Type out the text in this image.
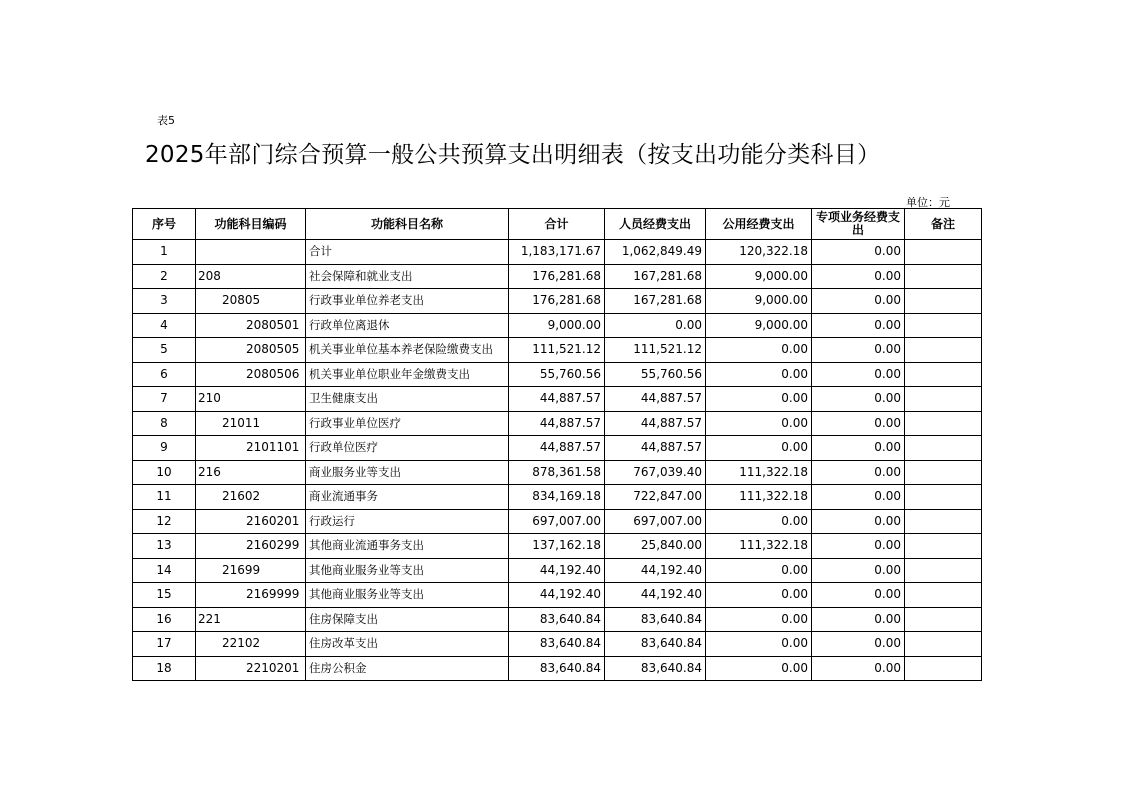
表5
2025年部门综合预算一般公共预算支出明细表（按支出功能分类科目）
单位：元
序号	功能科目编码	功能科目名称	合计	人员经费支出	公用经费支出	专项业务经费支出	备注
1		合计	1,183,171.67	1,062,849.49	120,322.18	0.00	
2	208	社会保障和就业支出	176,281.68	167,281.68	9,000.00	0.00	
3	20805	行政事业单位养老支出	176,281.68	167,281.68	9,000.00	0.00	
4	2080501	行政单位离退休	9,000.00	0.00	9,000.00	0.00	
5	2080505	机关事业单位基本养老保险缴费支出	111,521.12	111,521.12	0.00	0.00	
6	2080506	机关事业单位职业年金缴费支出	55,760.56	55,760.56	0.00	0.00	
7	210	卫生健康支出	44,887.57	44,887.57	0.00	0.00	
8	21011	行政事业单位医疗	44,887.57	44,887.57	0.00	0.00	
9	2101101	行政单位医疗	44,887.57	44,887.57	0.00	0.00	
10	216	商业服务业等支出	878,361.58	767,039.40	111,322.18	0.00	
11	21602	商业流通事务	834,169.18	722,847.00	111,322.18	0.00	
12	2160201	行政运行	697,007.00	697,007.00	0.00	0.00	
13	2160299	其他商业流通事务支出	137,162.18	25,840.00	111,322.18	0.00	
14	21699	其他商业服务业等支出	44,192.40	44,192.40	0.00	0.00	
15	2169999	其他商业服务业等支出	44,192.40	44,192.40	0.00	0.00	
16	221	住房保障支出	83,640.84	83,640.84	0.00	0.00	
17	22102	住房改革支出	83,640.84	83,640.84	0.00	0.00	
18	2210201	住房公积金	83,640.84	83,640.84	0.00	0.00	
